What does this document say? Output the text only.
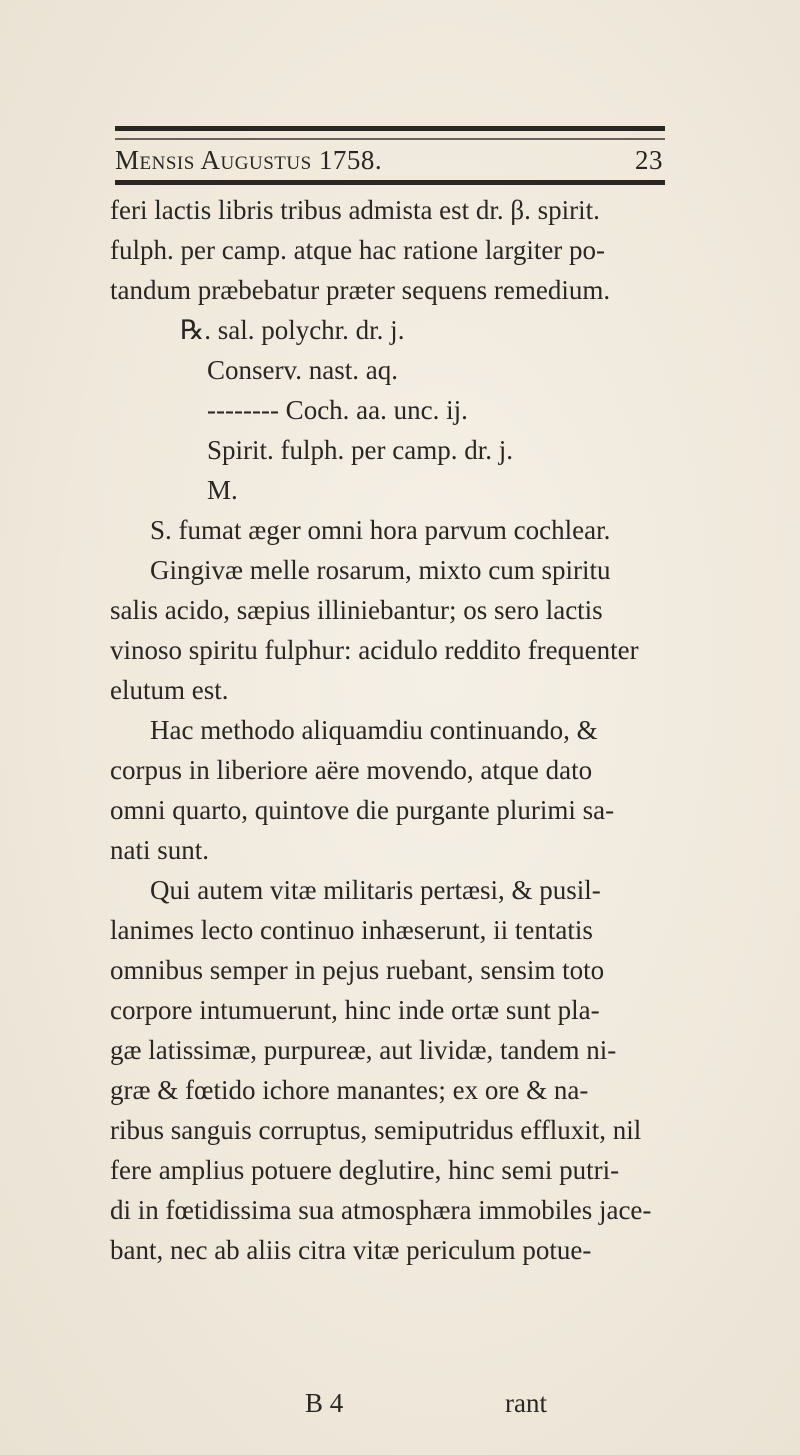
Mensis Augustus 1758.	23
feri lactis libris tribus admista est dr. β. spirit.
fulph. per camp. atque hac ratione largiter po-
tandum præbebatur præter sequens remedium.
℞. sal. polychr. dr. j.
Conserv. nast. aq.
-------- Coch. aa. unc. ij.
Spirit. fulph. per camp. dr. j.
M.
S. fumat æger omni hora parvum cochlear.
Gingivæ melle rosarum, mixto cum spiritu
salis acido, sæpius illiniebantur; os sero lactis
vinoso spiritu fulphur: acidulo reddito frequenter
elutum est.
Hac methodo aliquamdiu continuando, &
corpus in liberiore aëre movendo, atque dato
omni quarto, quintove die purgante plurimi sa-
nati sunt.
Qui autem vitæ militaris pertæsi, & pusil-
lanimes lecto continuo inhæserunt, ii tentatis
omnibus semper in pejus ruebant, sensim toto
corpore intumuerunt, hinc inde ortæ sunt pla-
gæ latissimæ, purpureæ, aut lividæ, tandem ni-
græ & fœtido ichore manantes; ex ore & na-
ribus sanguis corruptus, semiputridus effluxit, nil
fere amplius potuere deglutire, hinc semi putri-
di in fœtidissima sua atmosphæra immobiles jace-
bant, nec ab aliis citra vitæ periculum potue-
B 4	rant
